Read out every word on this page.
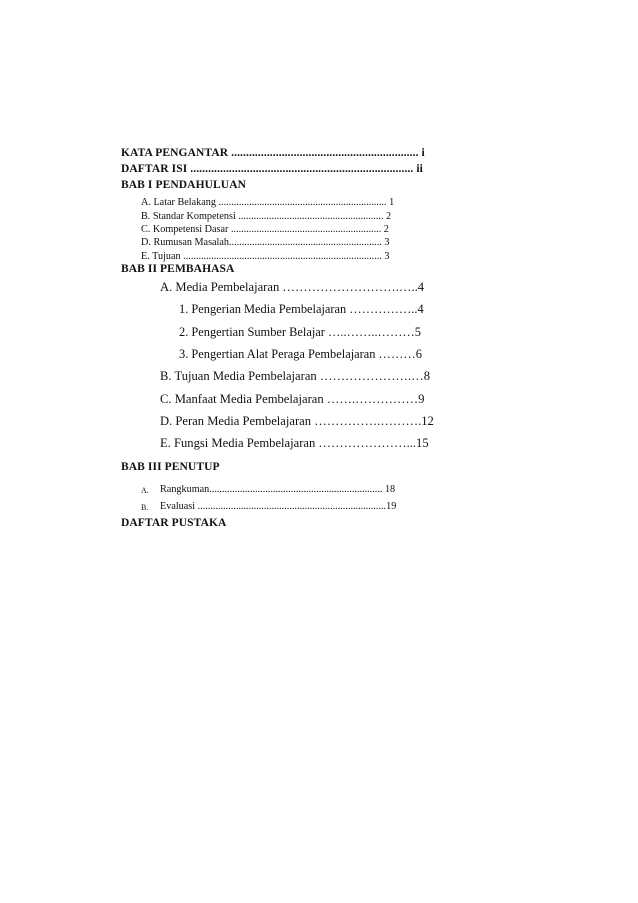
KATA PENGANTAR ............................................................... i
DAFTAR ISI ........................................................................... ii
BAB I PENDAHULUAN
A. Latar Belakang .................................................................. 1
B. Standar Kompetensi ......................................................... 2
C. Kompetensi Dasar ........................................................... 2
D. Rumusan Masalah............................................................ 3
E. Tujuan .............................................................................. 3
BAB II PEMBAHASA
A. Media Pembelajaran ……………………….…..4
1. Pengerian Media Pembelajaran ……………..4
2. Pengertian Sumber Belajar …..……..………5
3. Pengertian Alat Peraga Pembelajaran ………6
B. Tujuan Media Pembelajaran ………………….…8
C. Manfaat Media Pembelajaran …….……………9
D. Peran Media Pembelajaran …………….……….12
E. Fungsi Media Pembelajaran …………………...15
BAB III PENUTUP
A. Rangkuman.................................................................... 18
B. Evaluasi ..........................................................................19
DAFTAR PUSTAKA
